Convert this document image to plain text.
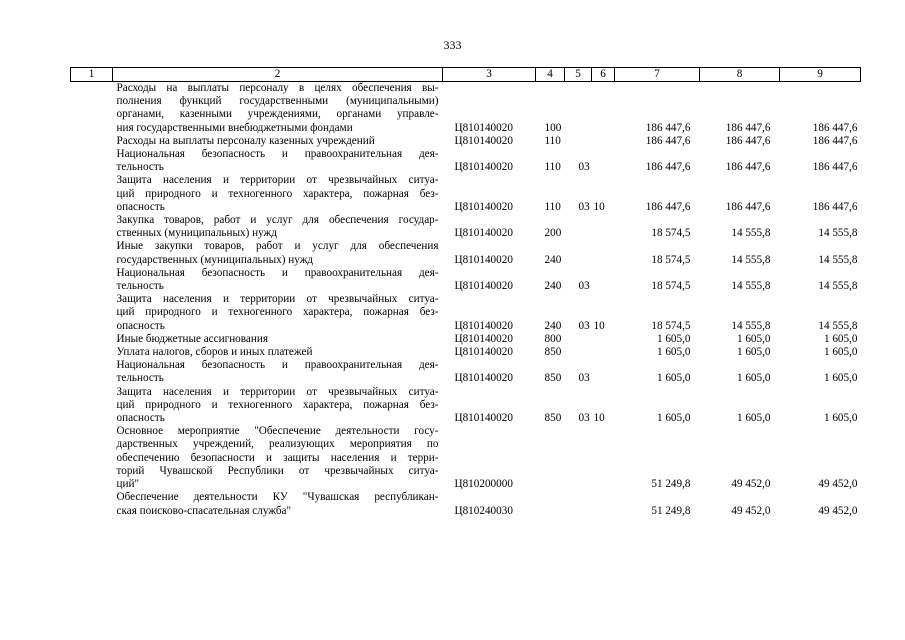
333
1	2	3	4	5	6	7	8	9

	Расходы на выплаты персоналу в целях обеспечения вы-
полнения функций государственными (муниципальными)
органами, казенными учреждениями, органами управле-
ния государственными внебюджетными фондами	Ц810140020	100			186 447,6	186 447,6	186 447,6

	Расходы на выплаты персоналу казенных учреждений	Ц810140020	110			186 447,6	186 447,6	186 447,6

	Национальная безопасность и правоохранительная дея-
тельность	Ц810140020	110	03		186 447,6	186 447,6	186 447,6

	Защита населения и территории от чрезвычайных ситуа-
ций природного и техногенного характера, пожарная без-
опасность	Ц810140020	110	03	10	186 447,6	186 447,6	186 447,6

	Закупка товаров, работ и услуг для обеспечения государ-
ственных (муниципальных) нужд	Ц810140020	200			18 574,5	14 555,8	14 555,8

	Иные закупки товаров, работ и услуг для обеспечения
государственных (муниципальных) нужд	Ц810140020	240			18 574,5	14 555,8	14 555,8

	Национальная безопасность и правоохранительная дея-
тельность	Ц810140020	240	03		18 574,5	14 555,8	14 555,8

	Защита населения и территории от чрезвычайных ситуа-
ций природного и техногенного характера, пожарная без-
опасность	Ц810140020	240	03	10	18 574,5	14 555,8	14 555,8

	Иные бюджетные ассигнования	Ц810140020	800			1 605,0	1 605,0	1 605,0

	Уплата налогов, сборов и иных платежей	Ц810140020	850			1 605,0	1 605,0	1 605,0

	Национальная безопасность и правоохранительная дея-
тельность	Ц810140020	850	03		1 605,0	1 605,0	1 605,0

	Защита населения и территории от чрезвычайных ситуа-
ций природного и техногенного характера, пожарная без-
опасность	Ц810140020	850	03	10	1 605,0	1 605,0	1 605,0

	Основное мероприятие "Обеспечение деятельности госу-
дарственных учреждений, реализующих мероприятия по
обеспечению безопасности и защиты населения и терри-
торий Чувашской Республики от чрезвычайных ситуа-
ций"	Ц810200000				51 249,8	49 452,0	49 452,0

	Обеспечение деятельности КУ "Чувашская республикан-
ская поисково-спасательная служба"	Ц810240030				51 249,8	49 452,0	49 452,0
